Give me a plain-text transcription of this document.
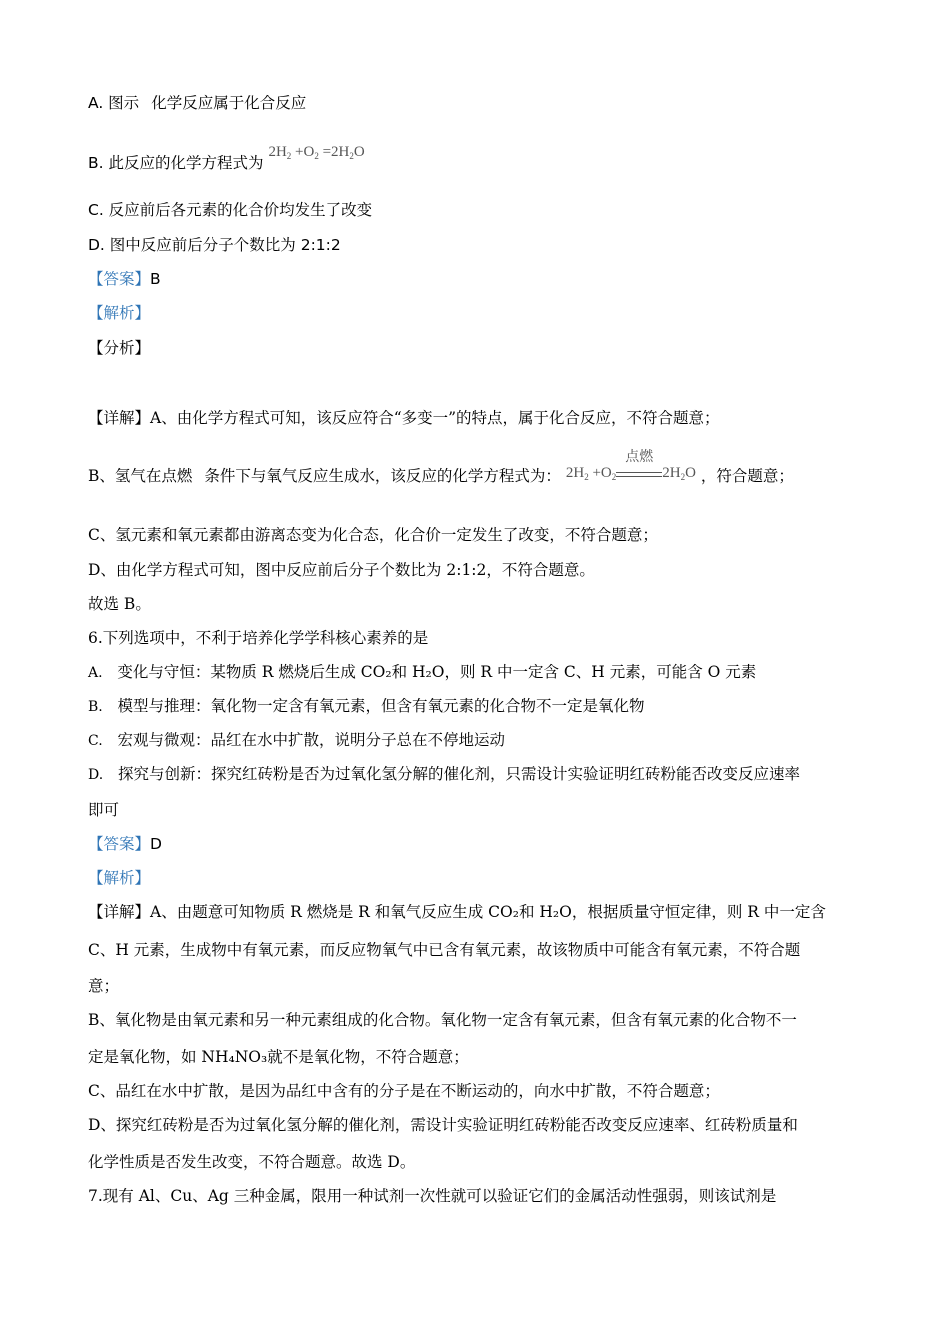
A. 图示 化学反应属于化合反应
B. 此反应的化学方程式为 $2H_2 +O_2 =2H_2O$
C. 反应前后各元素的化合价均发生了改变
D. 图中反应前后分子个数比为 2:1:2
【答案】B
【解析】
【分析】
【详解】A、由化学方程式可知，该反应符合“多变一”的特点，属于化合反应，不符合题意；
B、氢气在点燃 条件下与氧气反应生成水，该反应的化学方程式为： $2H_2 +O_2$
点燃
$2H_2O$ ，符合题意；
C、氢元素和氧元素都由游离态变为化合态，化合价一定发生了改变，不符合题意；
D、由化学方程式可知，图中反应前后分子个数比为 2:1:2，不符合题意。
故选 B。
6.下列选项中，不利于培养化学学科核心素养的是
A. 变化与守恒：某物质 R 燃烧后生成 CO₂和 H₂O，则 R 中一定含 C、H 元素，可能含 O 元素
B. 模型与推理：氧化物一定含有氧元素，但含有氧元素的化合物不一定是氧化物
C. 宏观与微观：品红在水中扩散，说明分子总在不停地运动
D. 探究与创新：探究红砖粉是否为过氧化氢分解的催化剂，只需设计实验证明红砖粉能否改变反应速率
即可
【答案】D
【解析】
【详解】A、由题意可知物质 R 燃烧是 R 和氧气反应生成 CO₂和 H₂O，根据质量守恒定律，则 R 中一定含
C、H 元素，生成物中有氧元素，而反应物氧气中已含有氧元素，故该物质中可能含有氧元素，不符合题
意；
B、氧化物是由氧元素和另一种元素组成的化合物。氧化物一定含有氧元素，但含有氧元素的化合物不一
定是氧化物，如 NH₄NO₃就不是氧化物，不符合题意；
C、品红在水中扩散，是因为品红中含有的分子是在不断运动的，向水中扩散，不符合题意；
D、探究红砖粉是否为过氧化氢分解的催化剂，需设计实验证明红砖粉能否改变反应速率、红砖粉质量和
化学性质是否发生改变，不符合题意。故选 D。
7.现有 Al、Cu、Ag 三种金属，限用一种试剂一次性就可以验证它们的金属活动性强弱，则该试剂是
